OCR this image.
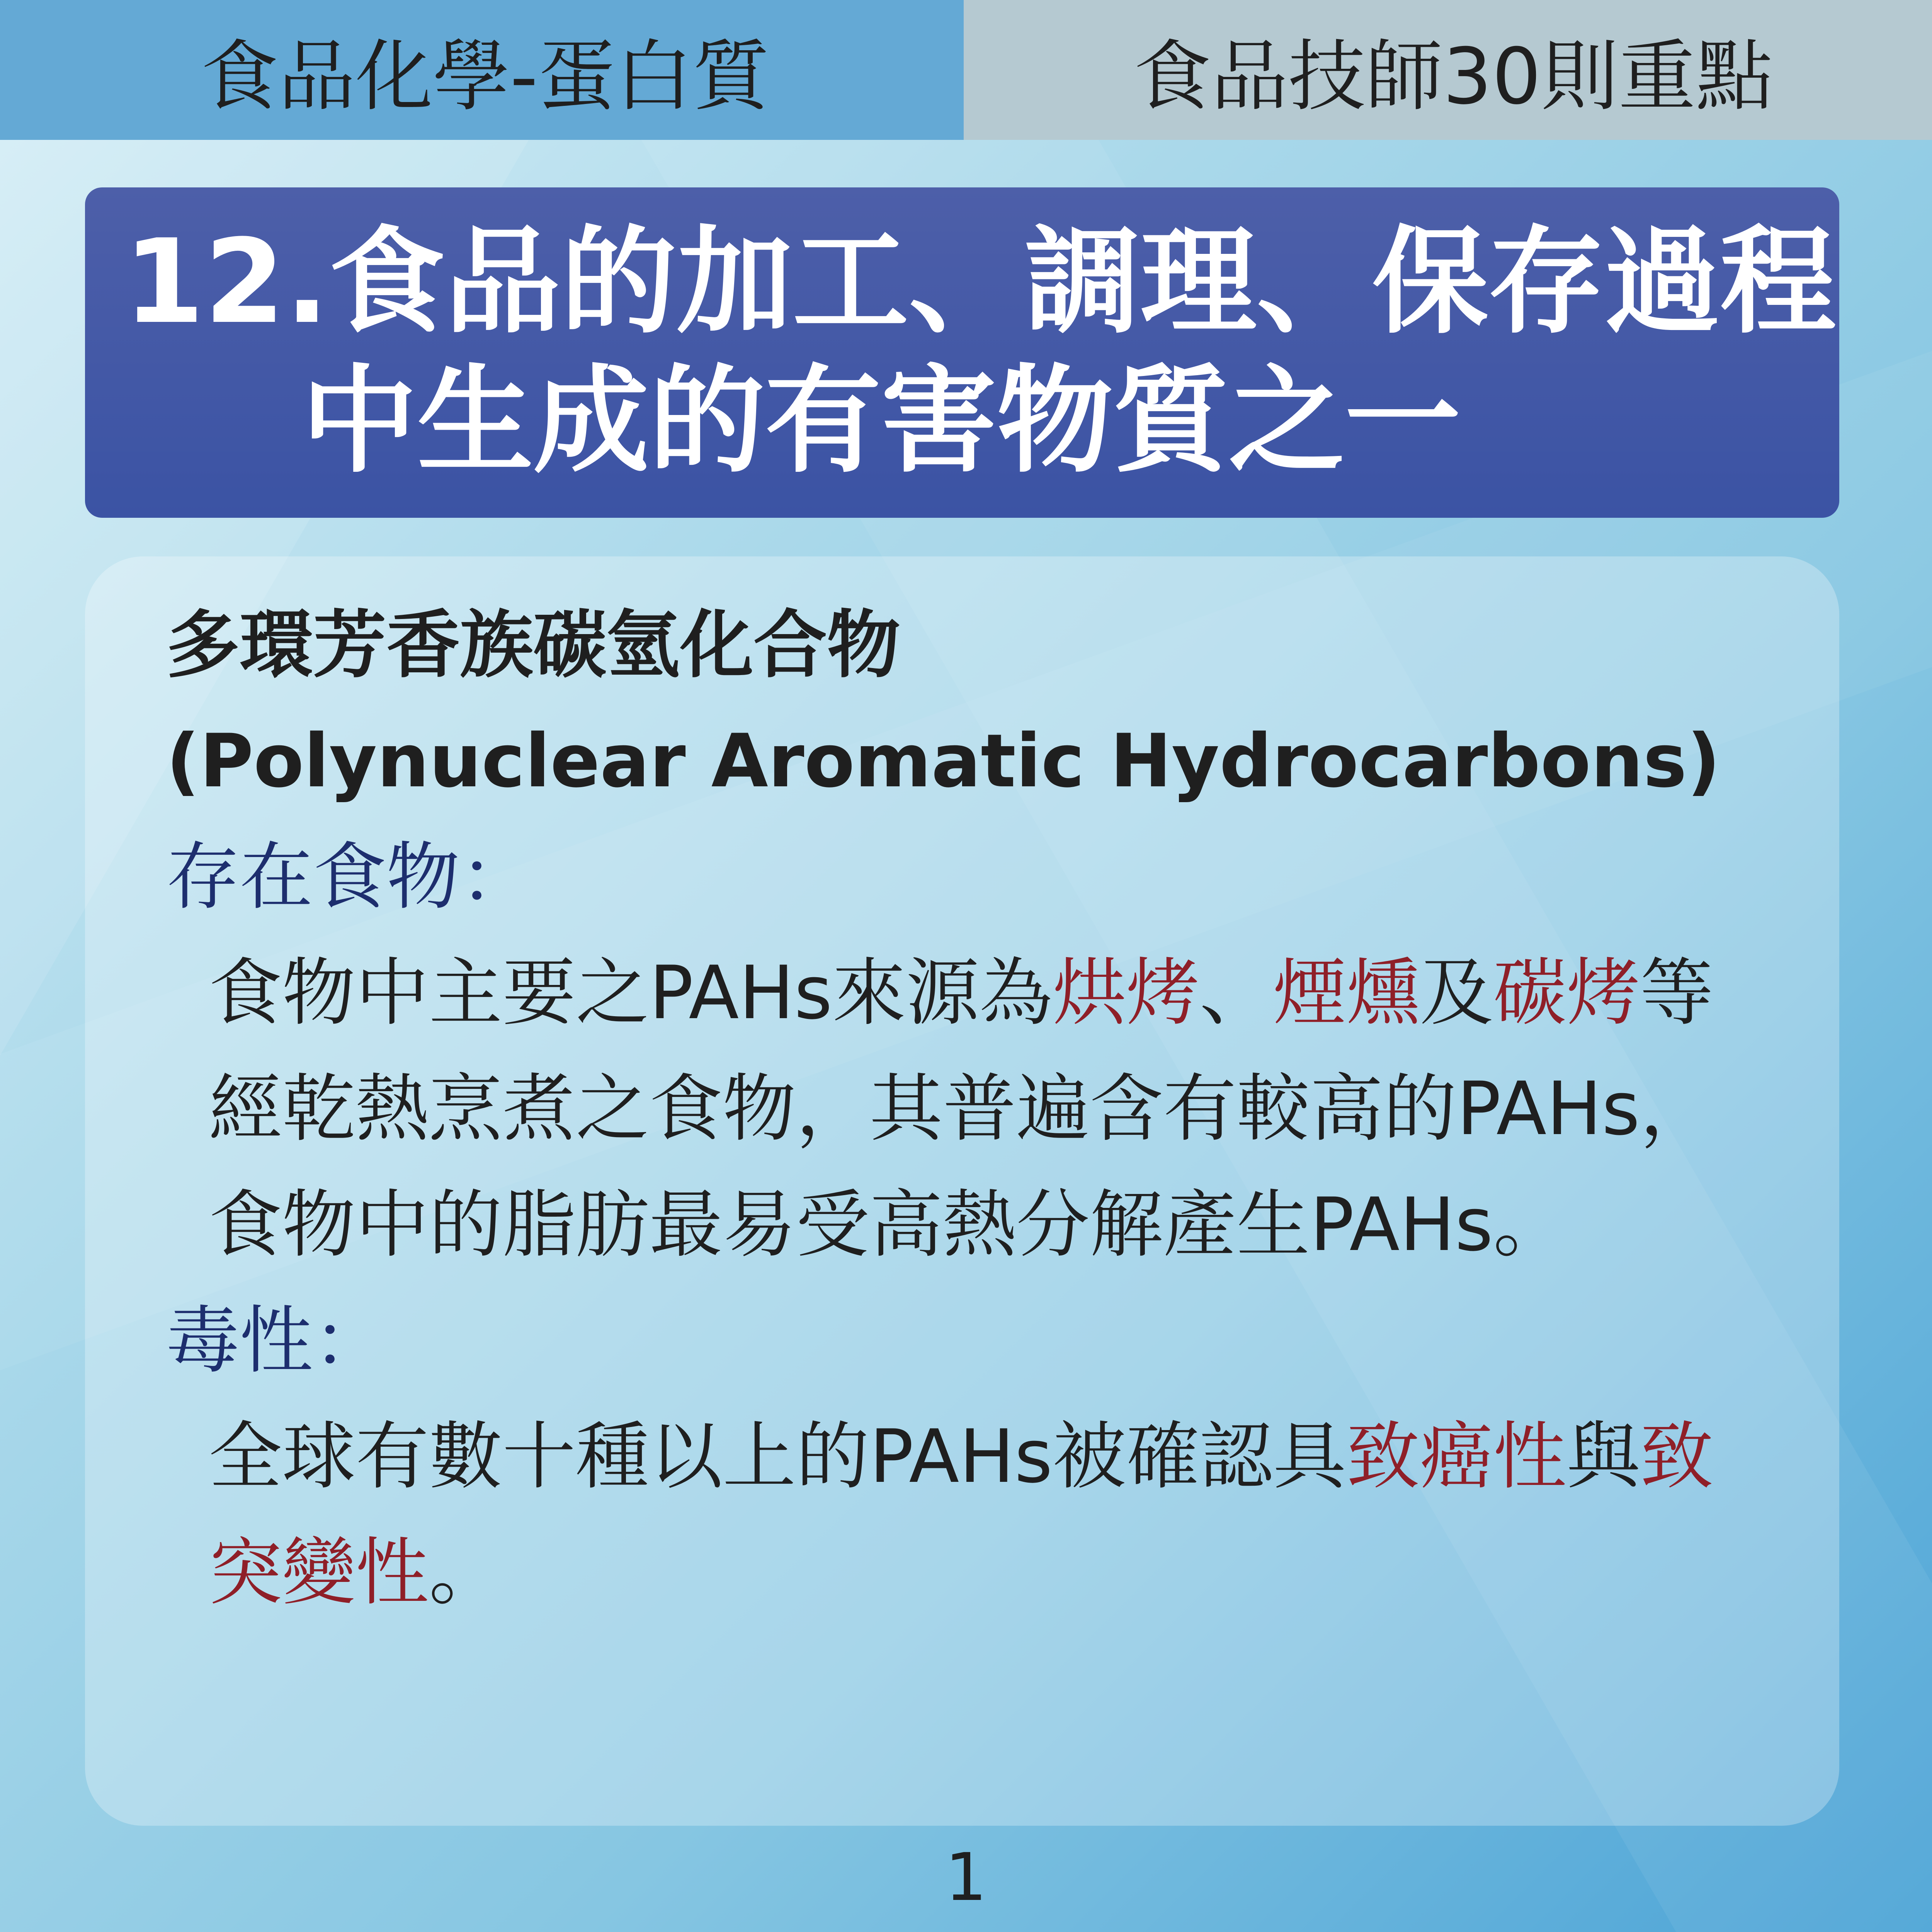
食品化學-蛋白質	食品技師30則重點
12.食品的加工、調理、保存過程
中生成的有害物質之一
多環芳香族碳氫化合物
(Polynuclear Aromatic Hydrocarbons)
存在食物：
食物中主要之PAHs來源為烘烤、煙燻及碳烤等
經乾熱烹煮之食物，其普遍含有較高的PAHs，
食物中的脂肪最易受高熱分解產生PAHs。
毒性：
全球有數十種以上的PAHs被確認具致癌性與致
突變性。
1
